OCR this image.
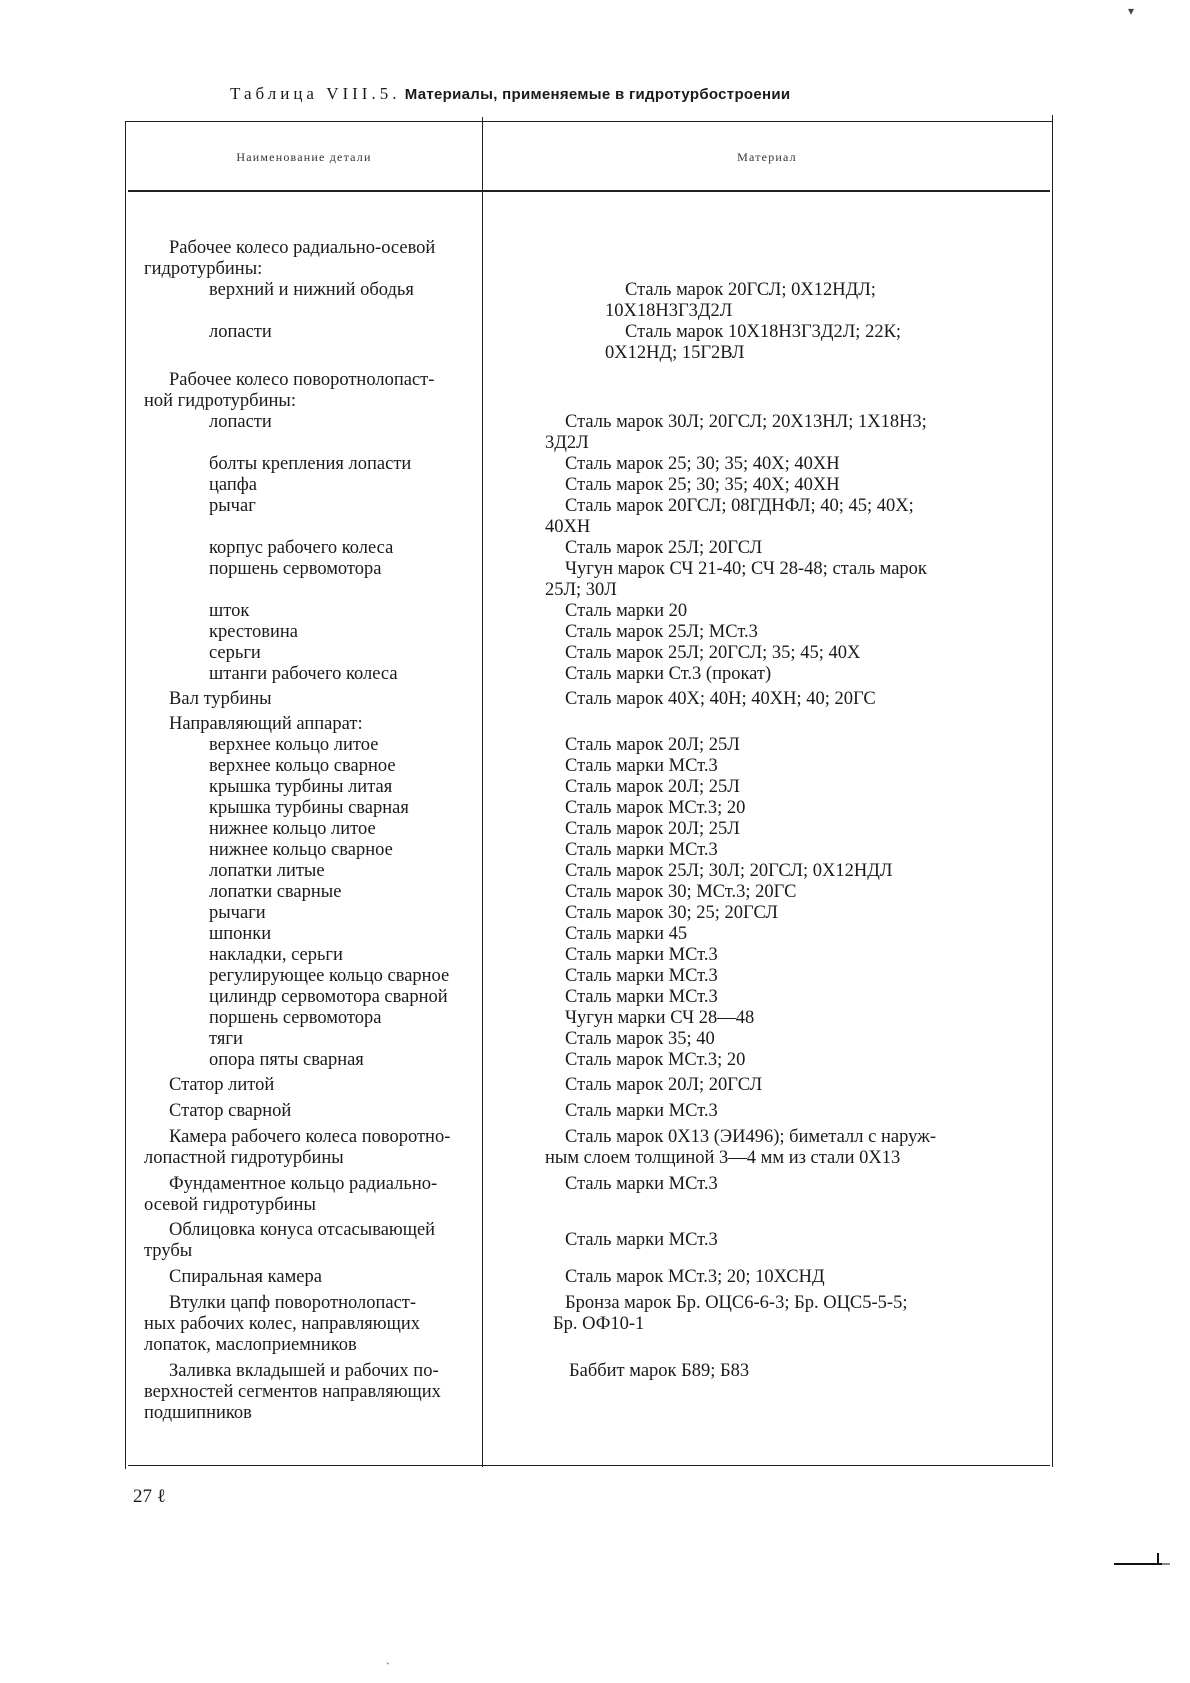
▾
Таблица VIII.5. Материалы, применяемые в гидротурбостроении
Наименование детали	Материал
Рабочее колесо радиально-осевой
гидротурбины:
верхний и нижний ободья	Сталь марок 20ГСЛ; 0Х12НДЛ;
10Х18Н3Г3Д2Л
лопасти	Сталь марок 10Х18Н3Г3Д2Л; 22К;
0Х12НД; 15Г2ВЛ
Рабочее колесо поворотнолопаст-
ной гидротурбины:
лопасти	Сталь марок 30Л; 20ГСЛ; 20Х13НЛ; 1Х18Н3;
3Д2Л
болты крепления лопасти	Сталь марок 25; 30; 35; 40Х; 40ХН
цапфа	Сталь марок 25; 30; 35; 40Х; 40ХН
рычаг	Сталь марок 20ГСЛ; 08ГДНФЛ; 40; 45; 40Х;
40ХН
корпус рабочего колеса	Сталь марок 25Л; 20ГСЛ
поршень сервомотора	Чугун марок СЧ 21-40; СЧ 28-48; сталь марок
25Л; 30Л
шток	Сталь марки 20
крестовина	Сталь марок 25Л; МСт.3
серьги	Сталь марок 25Л; 20ГСЛ; 35; 45; 40Х
штанги рабочего колеса	Сталь марки Ст.3 (прокат)
Вал турбины	Сталь марок 40Х; 40Н; 40ХН; 40; 20ГС
Направляющий аппарат:
верхнее кольцо литое	Сталь марок 20Л; 25Л
верхнее кольцо сварное	Сталь марки МСт.3
крышка турбины литая	Сталь марок 20Л; 25Л
крышка турбины сварная	Сталь марок МСт.3; 20
нижнее кольцо литое	Сталь марок 20Л; 25Л
нижнее кольцо сварное	Сталь марки МСт.3
лопатки литые	Сталь марок 25Л; 30Л; 20ГСЛ; 0Х12НДЛ
лопатки сварные	Сталь марок 30; МСт.3; 20ГС
рычаги	Сталь марок 30; 25; 20ГСЛ
шпонки	Сталь марки 45
накладки, серьги	Сталь марки МСт.3
регулирующее кольцо сварное	Сталь марки МСт.3
цилиндр сервомотора сварной	Сталь марки МСт.3
поршень сервомотора	Чугун марки СЧ 28—48
тяги	Сталь марок 35; 40
опора пяты сварная	Сталь марок МСт.3; 20
Статор литой	Сталь марок 20Л; 20ГСЛ
Статор сварной	Сталь марки МСт.3
Камера рабочего колеса поворотно-	Сталь марок 0Х13 (ЭИ496); биметалл с наруж-
лопастной гидротурбины	ным слоем толщиной 3—4 мм из стали 0Х13
Фундаментное кольцо радиально-	Сталь марки МСт.3
осевой гидротурбины
Облицовка конуса отсасывающей	Сталь марки МСт.3
трубы
Спиральная камера	Сталь марок МСт.3; 20; 10ХСНД
Втулки цапф поворотнолопаст-	Бронза марок Бр. ОЦС6-6-3; Бр. ОЦС5-5-5;
ных рабочих колес, направляющих	Бр. ОФ10-1
лопаток, маслоприемников
Заливка вкладышей и рабочих по-	Баббит марок Б89; Б83
верхностей сегментов направляющих
подшипников
27 ℓ
ˏ
